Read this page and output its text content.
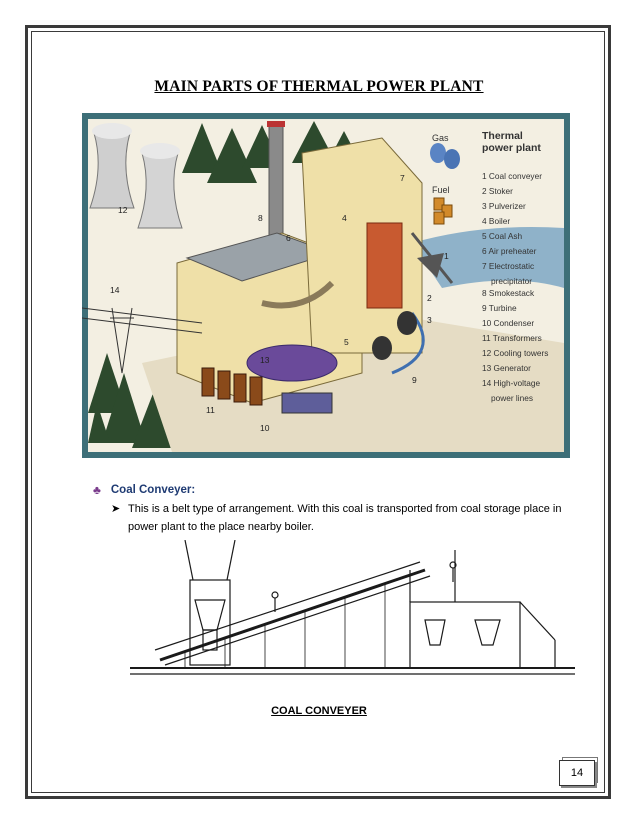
MAIN PARTS OF THERMAL POWER PLANT
Gas
Fuel
Thermal power plant
1 Coal conveyer
2 Stoker
3 Pulverizer
4 Boiler
5 Coal Ash
6 Air preheater
7 Electrostatic
precipitator
8 Smokestack
9 Turbine
10 Condenser
11 Transformers
12 Cooling towers
13 Generator
14 High-voltage
power lines
1
2
3
4
5
6
7
8
9
10
11
12
13
14
♣ Coal Conveyer:
➤ This is a belt type of arrangement. With this coal is transported from coal storage place in power plant to the place nearby boiler.
COAL CONVEYER
14
